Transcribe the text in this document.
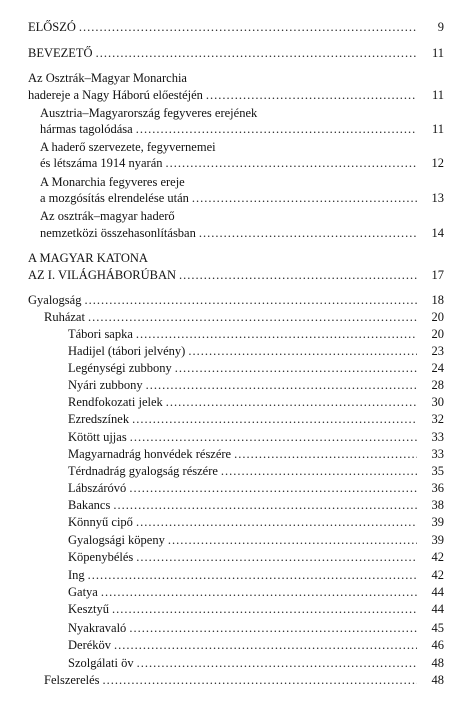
ELŐSZÓ .....	9
BEVEZETŐ .....	11
Az Osztrák–Magyar Monarchia
hadereje a Nagy Háború előestéjén .....	11
Ausztria–Magyarország fegyveres erejének
hármas tagolódása .....	11
A haderő szervezete, fegyvernemei
és létszáma 1914 nyarán .....	12
A Monarchia fegyveres ereje
a mozgósítás elrendelése után .....	13
Az osztrák–magyar haderő
nemzetközi összehasonlításban .....	14
A MAGYAR KATONA
AZ I. VILÁGHÁBORÚBAN .....	17
Gyalogság .....	18
Ruházat .....	20
Tábori sapka .....	20
Hadijel (tábori jelvény) .....	23
Legénységi zubbony .....	24
Nyári zubbony .....	28
Rendfokozati jelek .....	30
Ezredszínek .....	32
Kötött ujjas .....	33
Magyarnadrág honvédek részére .....	33
Térdnadrág gyalogság részére .....	35
Lábszáróvó .....	36
Bakancs .....	38
Könnyű cipő .....	39
Gyalogsági köpeny .....	39
Köpenybélés .....	42
Ing .....	42
Gatya .....	44
Kesztyű .....	44
Nyakravaló .....	45
Deréköv .....	46
Szolgálati öv .....	48
Felszerelés .....	48
